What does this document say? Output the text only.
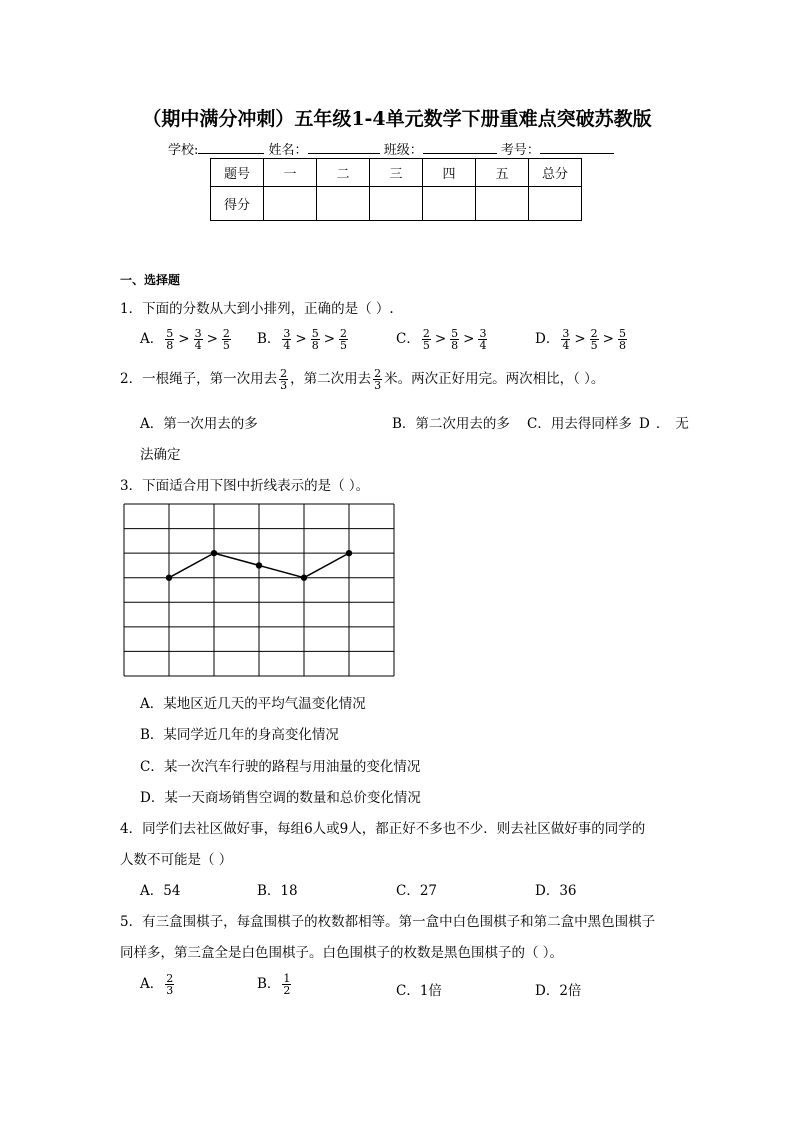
（期中满分冲刺）五年级1-4单元数学下册重难点突破苏教版
学校:	姓名：	班级：	考号：
题号	一	二	三	四	五	总分
得分						
一、选择题
1．下面的分数从大到小排列，正确的是（ ）.
A． $\frac{5}{8} > \frac{3}{4} > \frac{2}{5}$ B． $\frac{3}{4} > \frac{5}{8} > \frac{2}{5}$	C． $\frac{2}{5} > \frac{5}{8} > \frac{3}{4}$	D． $\frac{3}{4} > \frac{2}{5} > \frac{5}{8}$
2．一根绳子，第一次用去 $\frac{2}{3}$ ，第二次用去 $\frac{2}{3}$ 米。两次正好用完。两次相比，（ ）。
A．第一次用去的多	B．第二次用去的多 C．用去得同样多 D．无
法确定
3．下面适合用下图中折线表示的是（ ）。
A．某地区近几天的平均气温变化情况
B．某同学近几年的身高变化情况
C．某一次汽车行驶的路程与用油量的变化情况
D．某一天商场销售空调的数量和总价变化情况
4．同学们去社区做好事，每组6人或9人，都正好不多也不少．则去社区做好事的同学的
人数不可能是（ ）
A．54	B．18	C．27	D．36
5．有三盒围棋子，每盒围棋子的枚数都相等。第一盒中白色围棋子和第二盒中黑色围棋子
同样多，第三盒全是白色围棋子。白色围棋子的枚数是黑色围棋子的（ ）。
A． $\frac{2}{3}$	B． $\frac{1}{2}$	C．1倍	D．2倍
